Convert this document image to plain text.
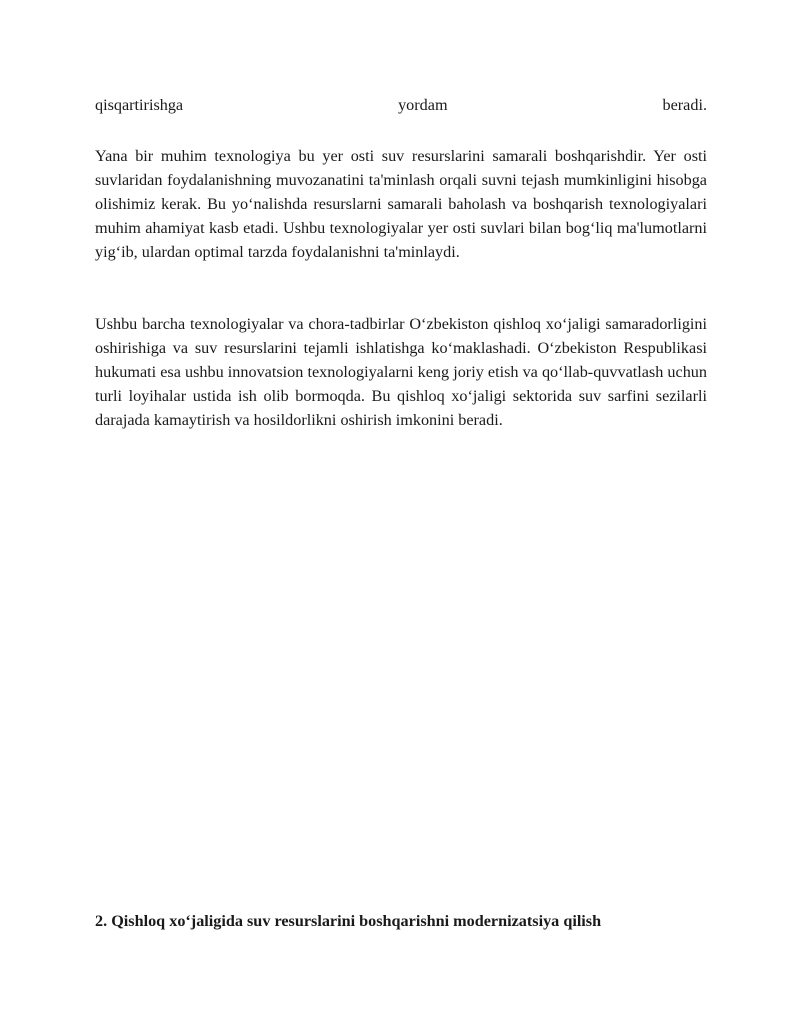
qisqartirishga yordam beradi.

Yana bir muhim texnologiya bu yer osti suv resurslarini samarali boshqarishdir. Yer osti suvlaridan foydalanishning muvozanatini ta'minlash orqali suvni tejash mumkinligini hisobga olishimiz kerak. Bu yo‘nalishda resurslarni samarali baholash va boshqarish texnologiyalari muhim ahamiyat kasb etadi. Ushbu texnologiyalar yer osti suvlari bilan bog‘liq ma'lumotlarni yig‘ib, ulardan optimal tarzda foydalanishni ta'minlaydi.

Ushbu barcha texnologiyalar va chora-tadbirlar O‘zbekiston qishloq xo‘jaligi samaradorligini oshirishiga va suv resurslarini tejamli ishlatishga ko‘maklashadi. O‘zbekiston Respublikasi hukumati esa ushbu innovatsion texnologiyalarni keng joriy etish va qo‘llab-quvvatlash uchun turli loyihalar ustida ish olib bormoqda. Bu qishloq xo‘jaligi sektorida suv sarfini sezilarli darajada kamaytirish va hosildorlikni oshirish imkonini beradi.

2. Qishloq xo‘jaligida suv resurslarini boshqarishni modernizatsiya qilish
